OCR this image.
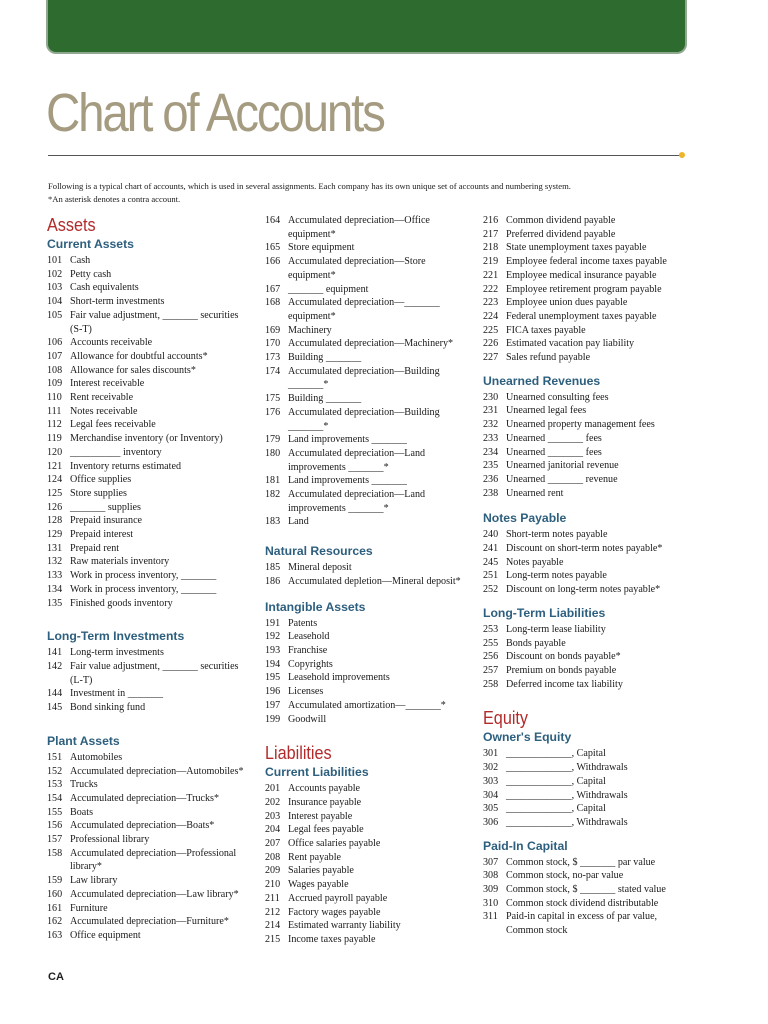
Chart of Accounts

Following is a typical chart of accounts, which is used in several assignments. Each company has its own unique set of accounts and numbering system.

*An asterisk denotes a contra account.

Assets
Current Assets
101 Cash
102 Petty cash
103 Cash equivalents
104 Short-term investments
105 Fair value adjustment, _______ securities
(S-T)
106 Accounts receivable
107 Allowance for doubtful accounts*
108 Allowance for sales discounts*
109 Interest receivable
110 Rent receivable
111 Notes receivable
112 Legal fees receivable
119 Merchandise inventory (or Inventory)
120 __________ inventory
121 Inventory returns estimated
124 Office supplies
125 Store supplies
126 _______ supplies
128 Prepaid insurance
129 Prepaid interest
131 Prepaid rent
132 Raw materials inventory
133 Work in process inventory, _______
134 Work in process inventory, _______
135 Finished goods inventory
Long-Term Investments
141 Long-term investments
142 Fair value adjustment, _______ securities
(L-T)
144 Investment in _______
145 Bond sinking fund
Plant Assets
151 Automobiles
152 Accumulated depreciation—Automobiles*
153 Trucks
154 Accumulated depreciation—Trucks*
155 Boats
156 Accumulated depreciation—Boats*
157 Professional library
158 Accumulated depreciation—Professional
library*
159 Law library
160 Accumulated depreciation—Law library*
161 Furniture
162 Accumulated depreciation—Furniture*
163 Office equipment
164 Accumulated depreciation—Office
equipment*
165 Store equipment
166 Accumulated depreciation—Store
equipment*
167 _______ equipment
168 Accumulated depreciation—_______
equipment*
169 Machinery
170 Accumulated depreciation—Machinery*
173 Building _______
174 Accumulated depreciation—Building
_______*
175 Building _______
176 Accumulated depreciation—Building
_______*
179 Land improvements _______
180 Accumulated depreciation—Land
improvements _______*
181 Land improvements _______
182 Accumulated depreciation—Land
improvements _______*
183 Land
Natural Resources
185 Mineral deposit
186 Accumulated depletion—Mineral deposit*
Intangible Assets
191 Patents
192 Leasehold
193 Franchise
194 Copyrights
195 Leasehold improvements
196 Licenses
197 Accumulated amortization—_______*
199 Goodwill
Liabilities
Current Liabilities
201 Accounts payable
202 Insurance payable
203 Interest payable
204 Legal fees payable
207 Office salaries payable
208 Rent payable
209 Salaries payable
210 Wages payable
211 Accrued payroll payable
212 Factory wages payable
214 Estimated warranty liability
215 Income taxes payable
216 Common dividend payable
217 Preferred dividend payable
218 State unemployment taxes payable
219 Employee federal income taxes payable
221 Employee medical insurance payable
222 Employee retirement program payable
223 Employee union dues payable
224 Federal unemployment taxes payable
225 FICA taxes payable
226 Estimated vacation pay liability
227 Sales refund payable
Unearned Revenues
230 Unearned consulting fees
231 Unearned legal fees
232 Unearned property management fees
233 Unearned _______ fees
234 Unearned _______ fees
235 Unearned janitorial revenue
236 Unearned _______ revenue
238 Unearned rent
Notes Payable
240 Short-term notes payable
241 Discount on short-term notes payable*
245 Notes payable
251 Long-term notes payable
252 Discount on long-term notes payable*
Long-Term Liabilities
253 Long-term lease liability
255 Bonds payable
256 Discount on bonds payable*
257 Premium on bonds payable
258 Deferred income tax liability
Equity
Owner's Equity
301 _____________, Capital
302 _____________, Withdrawals
303 _____________, Capital
304 _____________, Withdrawals
305 _____________, Capital
306 _____________, Withdrawals
Paid-In Capital
307 Common stock, $ _______ par value
308 Common stock, no-par value
309 Common stock, $ _______ stated value
310 Common stock dividend distributable
311 Paid-in capital in excess of par value,
Common stock
CA
